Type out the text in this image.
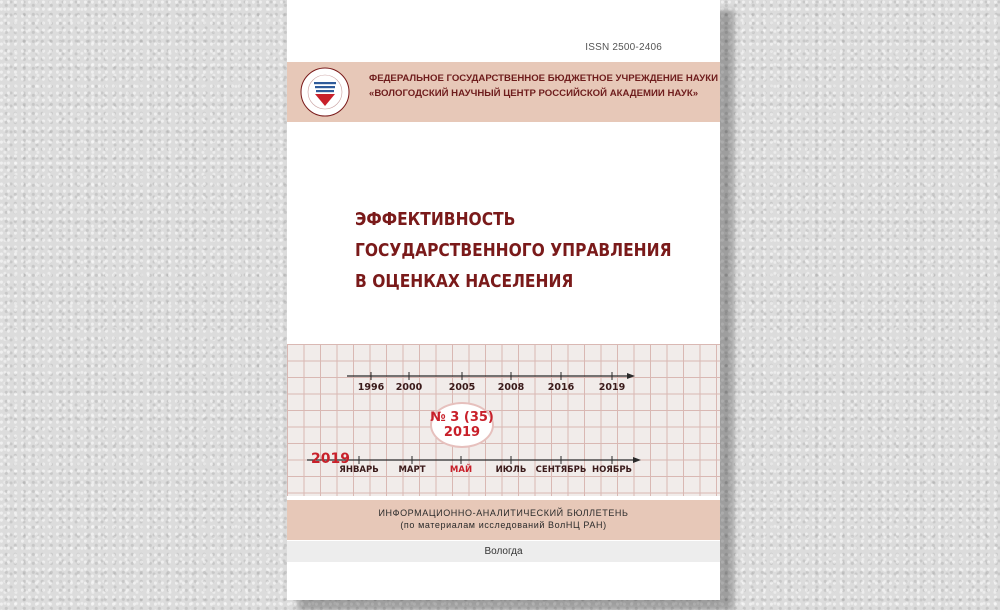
ISSN 2500-2406
ФЕДЕРАЛЬНОЕ ГОСУДАРСТВЕННОЕ БЮДЖЕТНОЕ УЧРЕЖДЕНИЕ НАУКИ
«ВОЛОГОДСКИЙ НАУЧНЫЙ ЦЕНТР РОССИЙСКОЙ АКАДЕМИИ НАУК»
ЭФФЕКТИВНОСТЬ
ГОСУДАРСТВЕННОГО УПРАВЛЕНИЯ
В ОЦЕНКАХ НАСЕЛЕНИЯ
1996 2000	2005 2008 2016	2019
№ 3 (35)
2019
2019
ЯНВАРЬ МАРТ	МАЙ	ИЮЛЬ СЕНТЯБРЬ НОЯБРЬ
ИНФОРМАЦИОННО-АНАЛИТИЧЕСКИЙ БЮЛЛЕТЕНЬ
(по материалам исследований ВолНЦ РАН)
Вологда
